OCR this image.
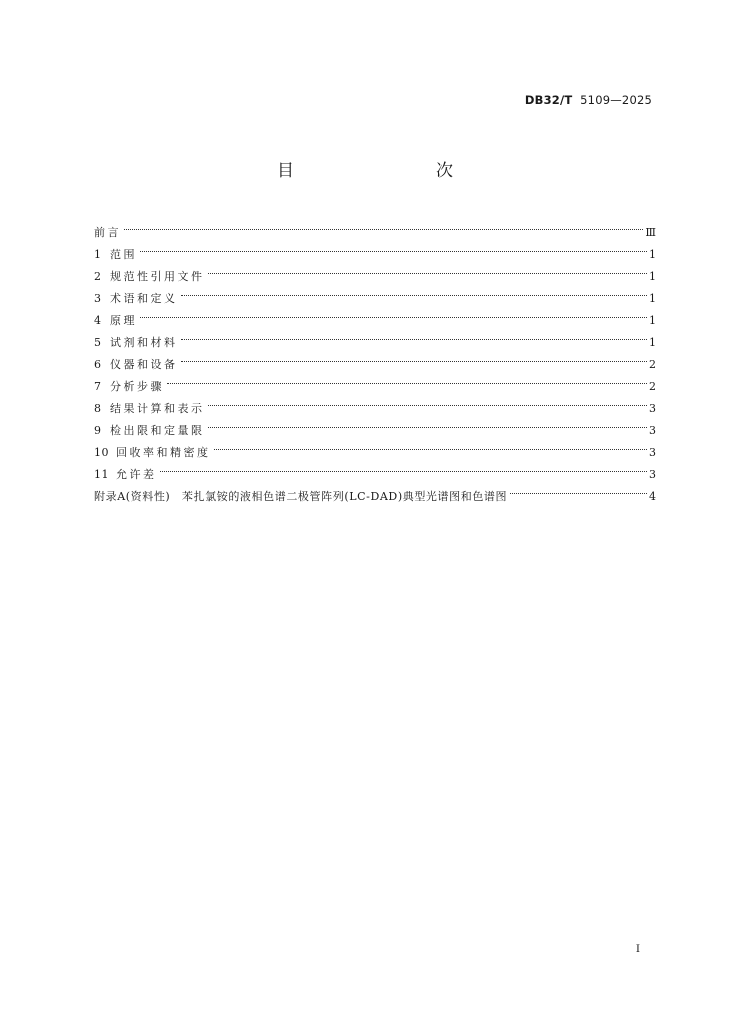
DB32/T 5109—2025
目　　次
前言	Ⅲ
1 范围	1
2 规范性引用文件	1
3 术语和定义	1
4 原理	1
5 试剂和材料	1
6 仪器和设备	2
7 分析步骤	2
8 结果计算和表示	3
9 检出限和定量限	3
10 回收率和精密度	3
11 允许差	3
附录A(资料性)　苯扎氯铵的液相色谱二极管阵列(LC-DAD)典型光谱图和色谱图	4
I
